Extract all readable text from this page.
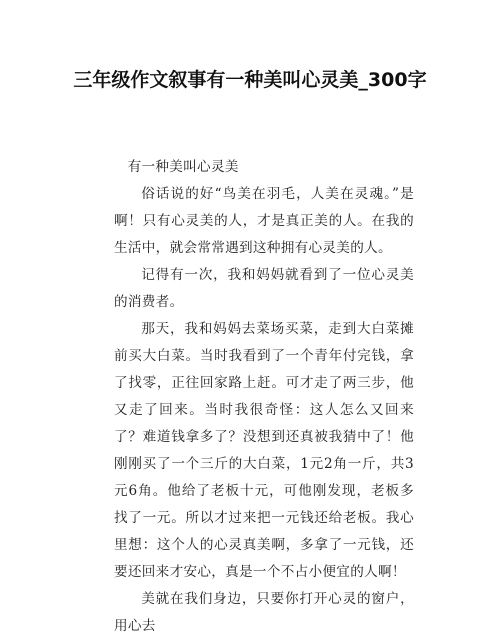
三年级作文叙事有一种美叫心灵美_300字

有一种美叫心灵美

俗话说的好“鸟美在羽毛，人美在灵魂。”是啊！只有心灵美的人，才是真正美的人。在我的生活中，就会常常遇到这种拥有心灵美的人。

记得有一次，我和妈妈就看到了一位心灵美的消费者。

那天，我和妈妈去菜场买菜，走到大白菜摊前买大白菜。当时我看到了一个青年付完钱，拿了找零，正往回家路上赶。可才走了两三步，他又走了回来。当时我很奇怪：这人怎么又回来了？难道钱拿多了？没想到还真被我猜中了！他刚刚买了一个三斤的大白菜，1元2角一斤，共3元6角。他给了老板十元，可他刚发现，老板多找了一元。所以才过来把一元钱还给老板。我心里想：这个人的心灵真美啊，多拿了一元钱，还要还回来才安心，真是一个不占小便宜的人啊！

美就在我们身边，只要你打开心灵的窗户，用心去
